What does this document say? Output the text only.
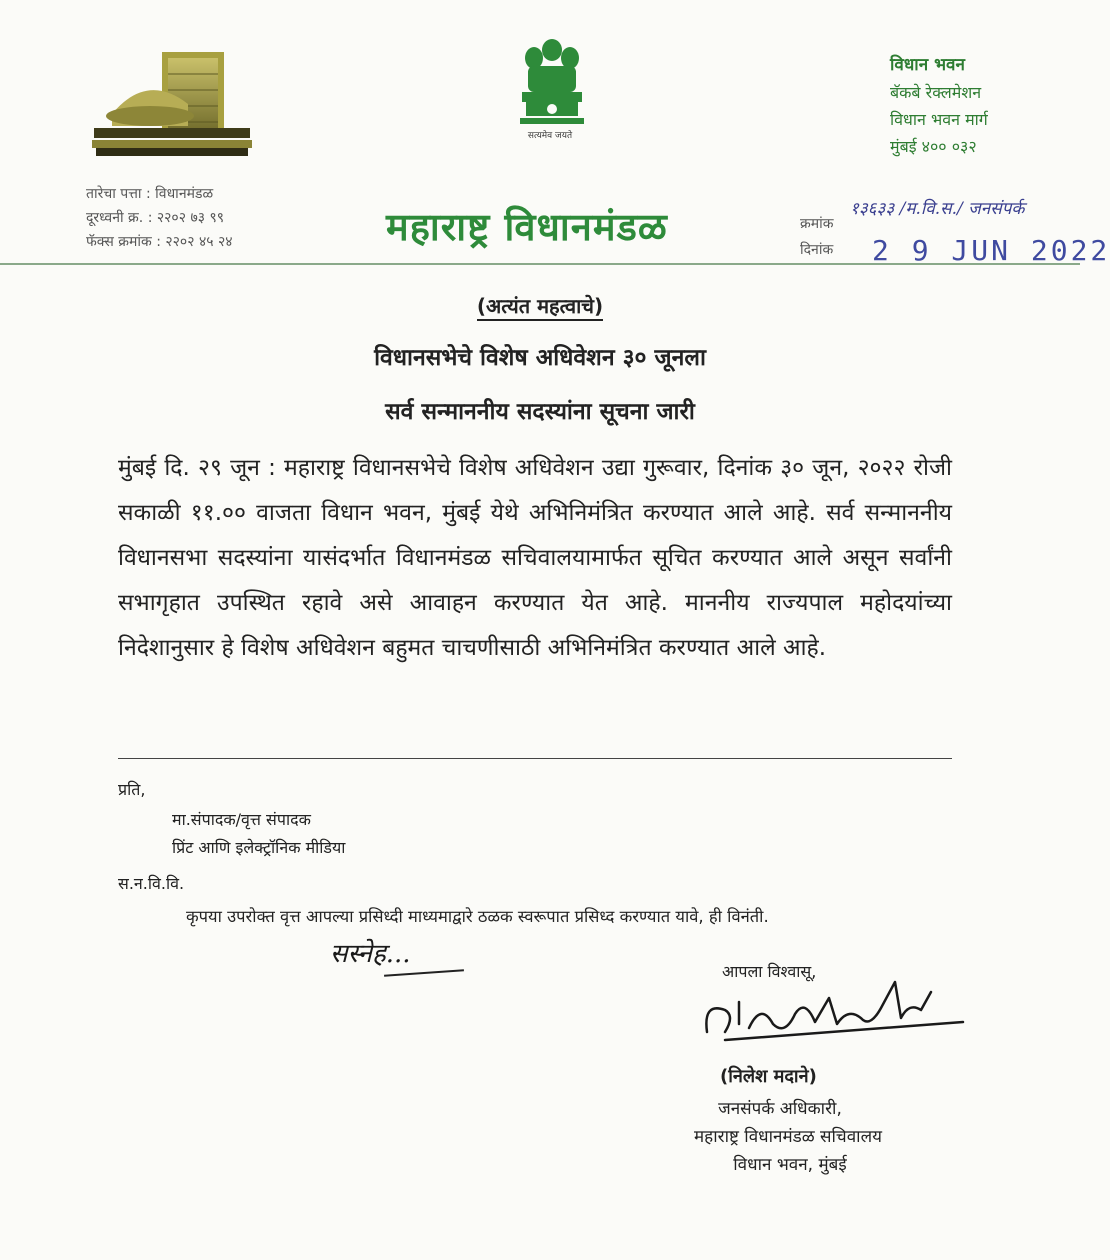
सत्यमेव जयते
विधान भवन
बॅकबे रेक्लमेशन
विधान भवन मार्ग
मुंबई ४०० ०३२
तारेचा पत्ता : विधानमंडळ
दूरध्वनी क्र. : २२०२ ७३ ९९
फॅक्स क्रमांक : २२०२ ४५ २४	महाराष्ट्र विधानमंडळ	क्रमांक
१३६३३ /म.वि.स./ जनसंपर्क
दिनांक 2 9 JUN 2022
(अत्यंत महत्वाचे)
विधानसभेचे विशेष अधिवेशन ३० जूनला
सर्व सन्माननीय सदस्यांना सूचना जारी
मुंबई दि. २९ जून : महाराष्ट्र विधानसभेचे विशेष अधिवेशन उद्या गुरूवार, दिनांक ३० जून, २०२२ रोजी सकाळी ११.०० वाजता विधान भवन, मुंबई येथे अभिनिमंत्रित करण्यात आले आहे. सर्व सन्माननीय विधानसभा सदस्यांना यासंदर्भात विधानमंडळ सचिवालयामार्फत सूचित करण्यात आले असून सर्वांनी सभागृहात उपस्थित रहावे असे आवाहन करण्यात येत आहे. माननीय राज्यपाल महोदयांच्या निदेशानुसार हे विशेष अधिवेशन बहुमत चाचणीसाठी अभिनिमंत्रित करण्यात आले आहे.
प्रति,
मा.संपादक/वृत्त संपादक
प्रिंट आणि इलेक्ट्रॉनिक मीडिया
स.न.वि.वि.
कृपया उपरोक्त वृत्त आपल्या प्रसिध्दी माध्यमाद्वारे ठळक स्वरूपात प्रसिध्द करण्यात यावे, ही विनंती.
सस्नेह...
आपला विश्वासू,
(निलेश मदाने)
जनसंपर्क अधिकारी,
महाराष्ट्र विधानमंडळ सचिवालय
विधान भवन, मुंबई
